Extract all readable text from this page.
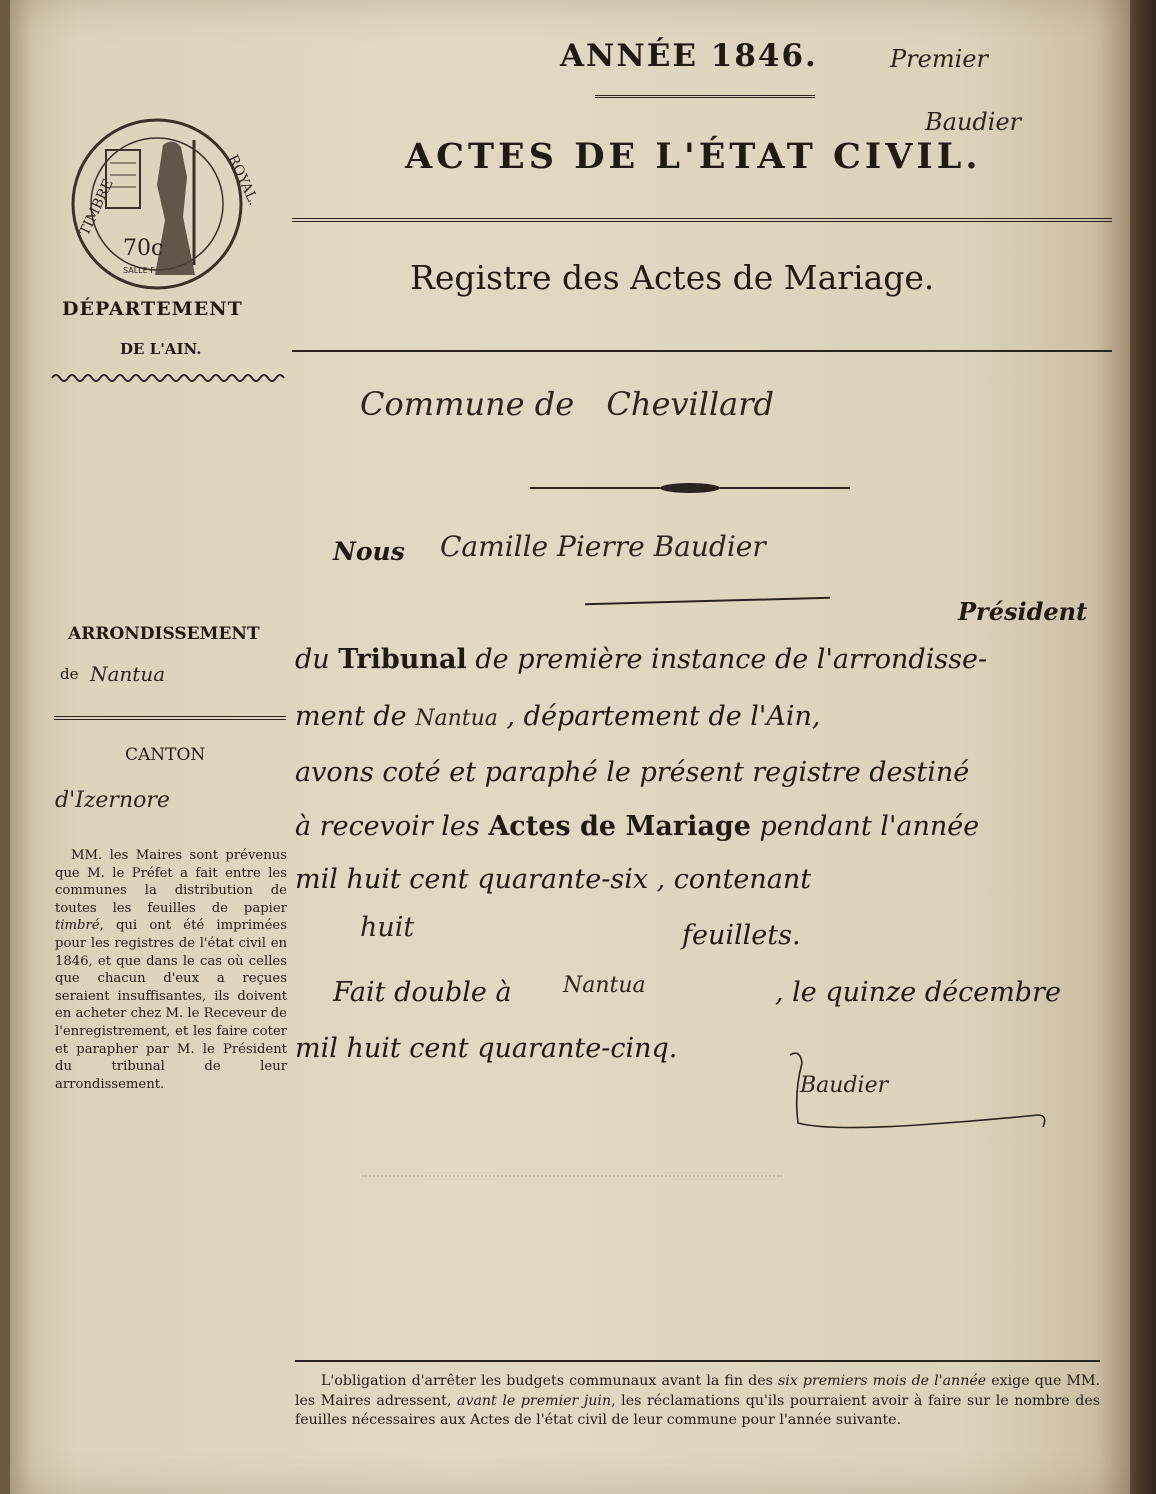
ANNÉE 1846.	Premier
Baudier
ACTES DE L'ÉTAT CIVIL.
Registre des Actes de Mariage.
Commune de Chevillard
70c
SALLE F
TIMBRE	ROYAL.
DÉPARTEMENT
DE L'AIN.
ARRONDISSEMENT
de Nantua
CANTON
d'Izernore
MM. les Maires sont prévenus que M. le Préfet a fait entre les communes la distribution de toutes les feuilles de papier timbré, qui ont été imprimées pour les registres de l'état civil en 1846, et que dans le cas où celles que chacun d'eux a reçues seraient insuffisantes, ils doivent en acheter chez M. le Receveur de l'enregistrement, et les faire coter et parapher par M. le Président du tribunal de leur arrondissement.
Nous Camille Pierre Baudier
Président
du Tribunal de première instance de l'arrondisse-
ment de Nantua , département de l'Ain,
avons coté et paraphé le présent registre destiné
à recevoir les Actes de Mariage pendant l'année
mil huit cent quarante-six , contenant
huit	feuillets.
Fait double à Nantua	, le quinze décembre
mil huit cent quarante-cinq.
Baudier
L'obligation d'arrêter les budgets communaux avant la fin des six premiers mois de l'année exige que MM. les Maires adressent, avant le premier juin, les réclamations qu'ils pourraient avoir à faire sur le nombre des feuilles nécessaires aux Actes de l'état civil de leur commune pour l'année suivante.
